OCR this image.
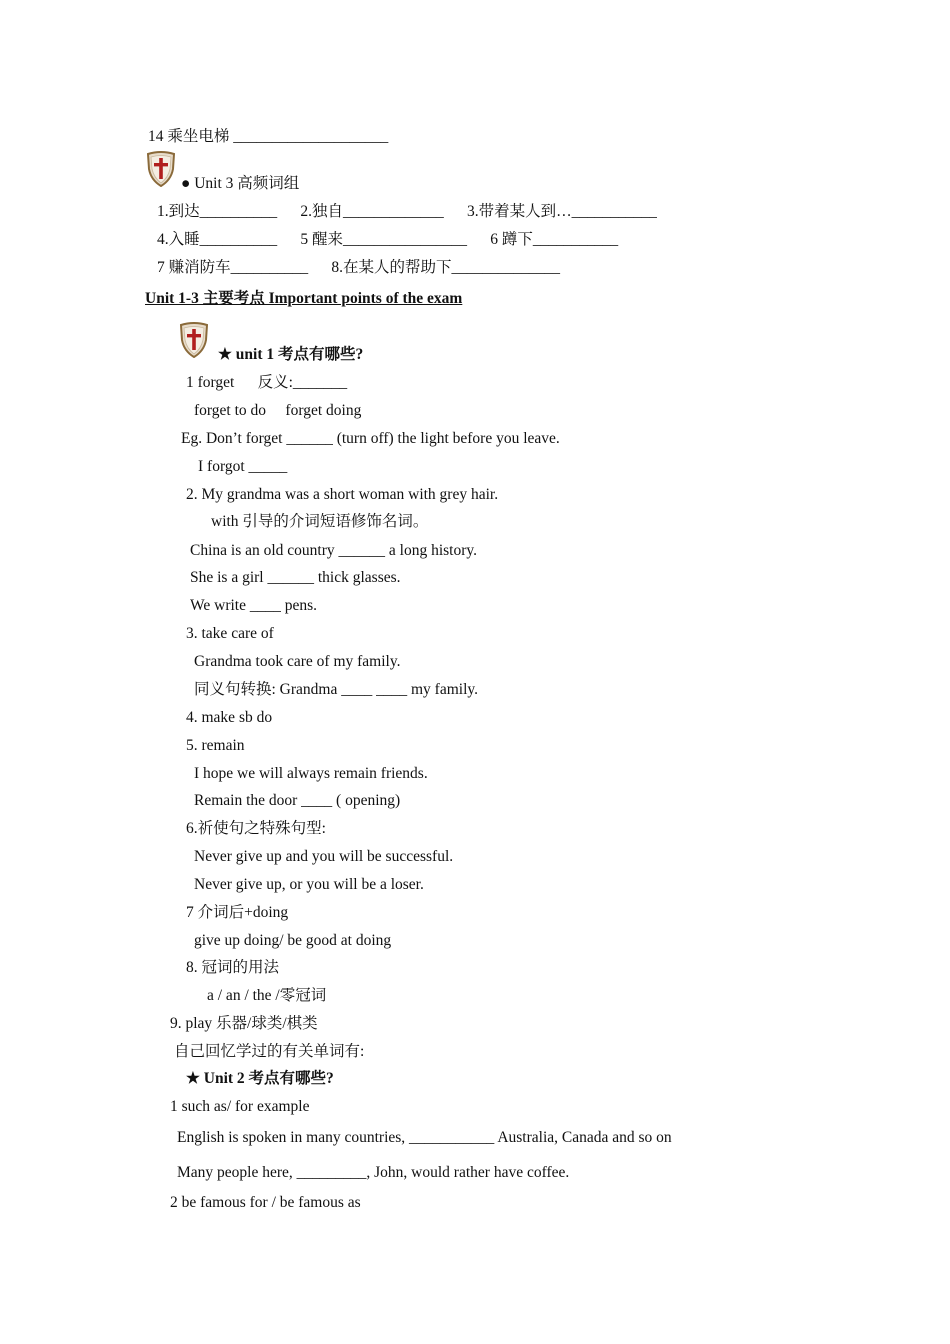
14 乘坐电梯 ____________________
● Unit 3 高频词组
1.到达__________      2.独自_____________      3.带着某人到…___________
4.入睡__________      5 醒来________________      6 蹲下___________
7 赚消防车__________      8.在某人的帮助下______________
Unit 1-3 主要考点 Important points of the exam
★ unit 1 考点有哪些?
1 forget      反义:_______
forget to do     forget doing
Eg. Don’t forget ______ (turn off) the light before you leave.
I forgot _____
2. My grandma was a short woman with grey hair.
with 引导的介词短语修饰名词。
China is an old country ______ a long history.
She is a girl ______ thick glasses.
We write ____ pens.
3. take care of
Grandma took care of my family.
同义句转换: Grandma ____ ____ my family.
4. make sb do
5. remain
I hope we will always remain friends.
Remain the door ____ ( opening)
6.祈使句之特殊句型:
Never give up and you will be successful.
Never give up, or you will be a loser.
7 介词后+doing
give up doing/ be good at doing
8. 冠词的用法
a / an / the /零冠词
9. play 乐器/球类/棋类
自己回忆学过的有关单词有:
★ Unit 2 考点有哪些?
1 such as/ for example
English is spoken in many countries, ___________ Australia, Canada and so on
Many people here, _________, John, would rather have coffee.
2 be famous for / be famous as
